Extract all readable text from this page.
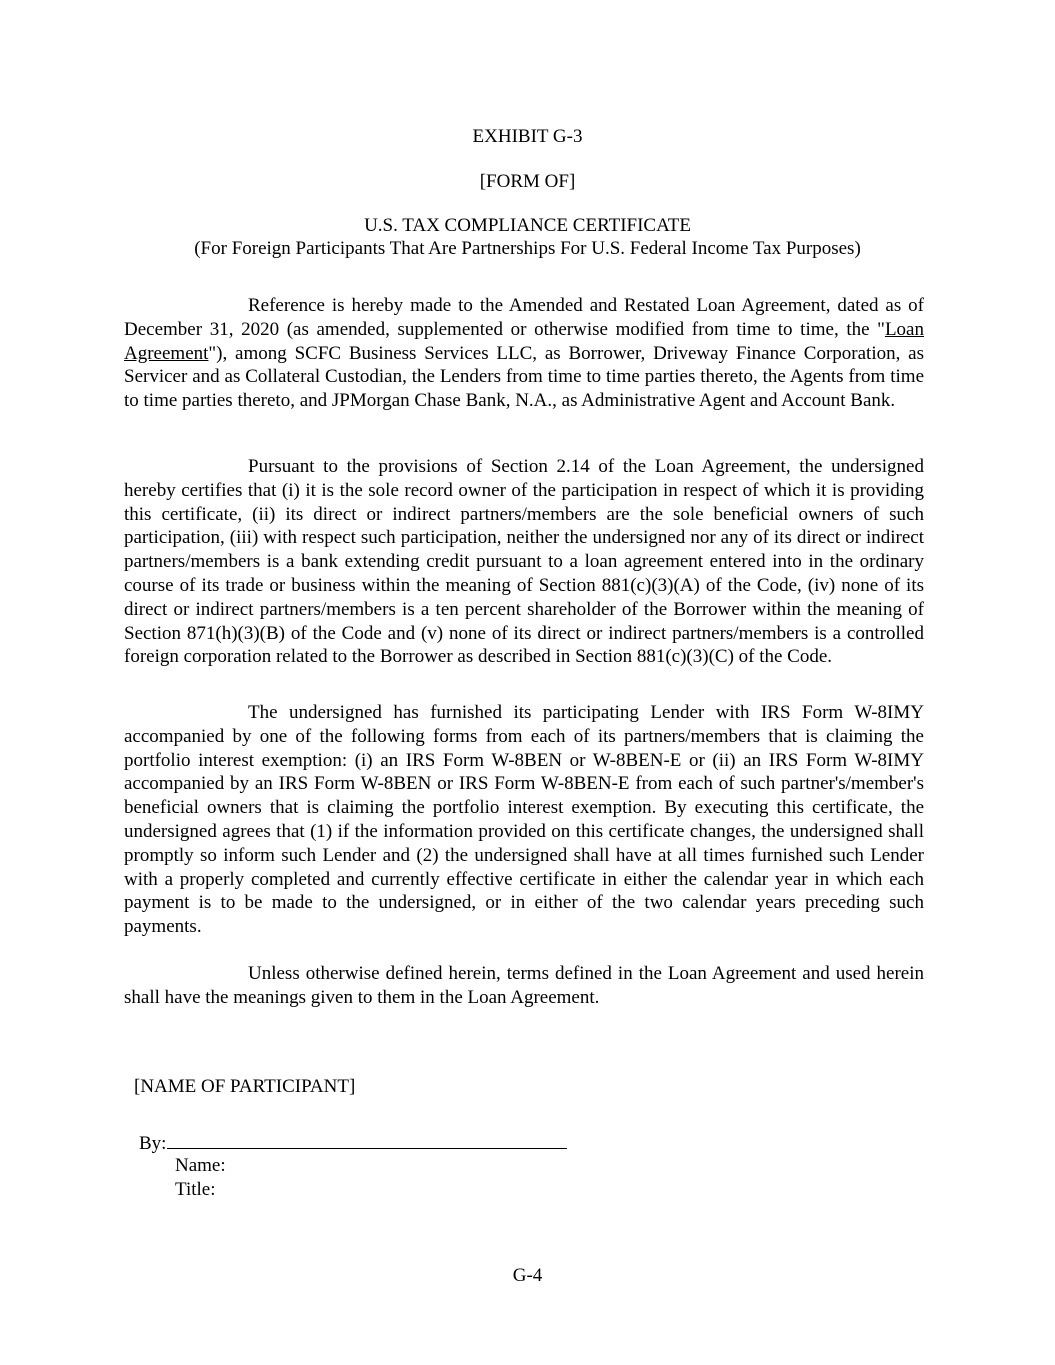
EXHIBIT G-3
[FORM OF]
U.S. TAX COMPLIANCE CERTIFICATE
(For Foreign Participants That Are Partnerships For U.S. Federal Income Tax Purposes)

Reference is hereby made to the Amended and Restated Loan Agreement, dated as of December 31, 2020 (as amended, supplemented or otherwise modified from time to time, the "Loan Agreement"), among SCFC Business Services LLC, as Borrower, Driveway Finance Corporation, as Servicer and as Collateral Custodian, the Lenders from time to time parties thereto, the Agents from time to time parties thereto, and JPMorgan Chase Bank, N.A., as Administrative Agent and Account Bank.

Pursuant to the provisions of Section 2.14 of the Loan Agreement, the undersigned hereby certifies that (i) it is the sole record owner of the participation in respect of which it is providing this certificate, (ii) its direct or indirect partners/members are the sole beneficial owners of such participation, (iii) with respect such participation, neither the undersigned nor any of its direct or indirect partners/members is a bank extending credit pursuant to a loan agreement entered into in the ordinary course of its trade or business within the meaning of Section 881(c)(3)(A) of the Code, (iv) none of its direct or indirect partners/members is a ten percent shareholder of the Borrower within the meaning of Section 871(h)(3)(B) of the Code and (v) none of its direct or indirect partners/members is a controlled foreign corporation related to the Borrower as described in Section 881(c)(3)(C) of the Code.

The undersigned has furnished its participating Lender with IRS Form W-8IMY accompanied by one of the following forms from each of its partners/members that is claiming the portfolio interest exemption: (i) an IRS Form W-8BEN or W-8BEN-E or (ii) an IRS Form W-8IMY accompanied by an IRS Form W-8BEN or IRS Form W-8BEN-E from each of such partner's/member's beneficial owners that is claiming the portfolio interest exemption. By executing this certificate, the undersigned agrees that (1) if the information provided on this certificate changes, the undersigned shall promptly so inform such Lender and (2) the undersigned shall have at all times furnished such Lender with a properly completed and currently effective certificate in either the calendar year in which each payment is to be made to the undersigned, or in either of the two calendar years preceding such payments.

Unless otherwise defined herein, terms defined in the Loan Agreement and used herein shall have the meanings given to them in the Loan Agreement.

[NAME OF PARTICIPANT]
By:
Name:
Title:
G-4
